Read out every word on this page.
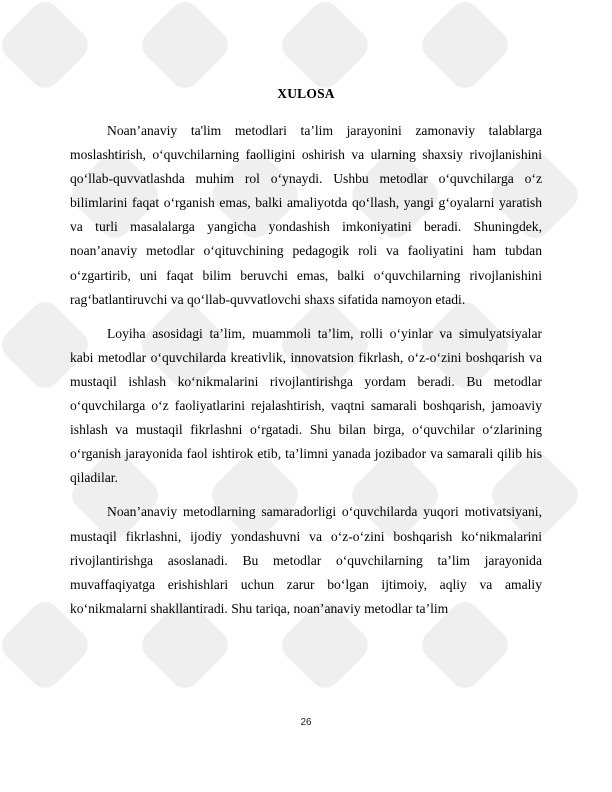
XULOSA

Noan’anaviy ta'lim metodlari ta’lim jarayonini zamonaviy talablarga moslashtirish, o‘quvchilarning faolligini oshirish va ularning shaxsiy rivojlanishini qo‘llab-quvvatlashda muhim rol o‘ynaydi. Ushbu metodlar o‘quvchilarga o‘z bilimlarini faqat o‘rganish emas, balki amaliyotda qo‘llash, yangi g‘oyalarni yaratish va turli masalalarga yangicha yondashish imkoniyatini beradi. Shuningdek, noan’anaviy metodlar o‘qituvchining pedagogik roli va faoliyatini ham tubdan o‘zgartirib, uni faqat bilim beruvchi emas, balki o‘quvchilarning rivojlanishini rag‘batlantiruvchi va qo‘llab-quvvatlovchi shaxs sifatida namoyon etadi.

Loyiha asosidagi ta’lim, muammoli ta’lim, rolli o‘yinlar va simulyatsiyalar kabi metodlar o‘quvchilarda kreativlik, innovatsion fikrlash, o‘z-o‘zini boshqarish va mustaqil ishlash ko‘nikmalarini rivojlantirishga yordam beradi. Bu metodlar o‘quvchilarga o‘z faoliyatlarini rejalashtirish, vaqtni samarali boshqarish, jamoaviy ishlash va mustaqil fikrlashni o‘rgatadi. Shu bilan birga, o‘quvchilar o‘zlarining o‘rganish jarayonida faol ishtirok etib, ta’limni yanada jozibador va samarali qilib his qiladilar.

Noan’anaviy metodlarning samaradorligi o‘quvchilarda yuqori motivatsiyani, mustaqil fikrlashni, ijodiy yondashuvni va o‘z-o‘zini boshqarish ko‘nikmalarini rivojlantirishga asoslanadi. Bu metodlar o‘quvchilarning ta’lim jarayonida muvaffaqiyatga erishishlari uchun zarur bo‘lgan ijtimoiy, aqliy va amaliy ko‘nikmalarni shakllantiradi. Shu tariqa, noan’anaviy metodlar ta’lim

26
